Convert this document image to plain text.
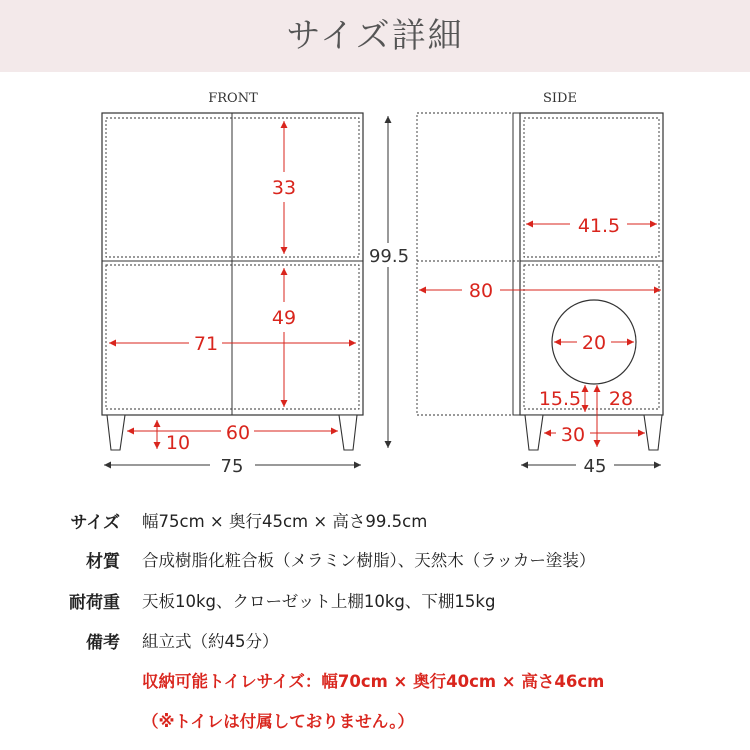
サイズ詳細
FRONT	SIDE
99.5
75	45
33
49
71
41.5
80
20
15.5 28
30
60
10
サイズ 幅75cm × 奥行45cm × 高さ99.5cm
材質 合成樹脂化粧合板（メラミン樹脂）、天然木（ラッカー塗装）
耐荷重 天板10kg、クローゼット上棚10kg、下棚15kg
備考 組立式（約45分）
収納可能トイレサイズ：幅70cm × 奥行40cm × 高さ46cm
（※トイレは付属しておりません。）
